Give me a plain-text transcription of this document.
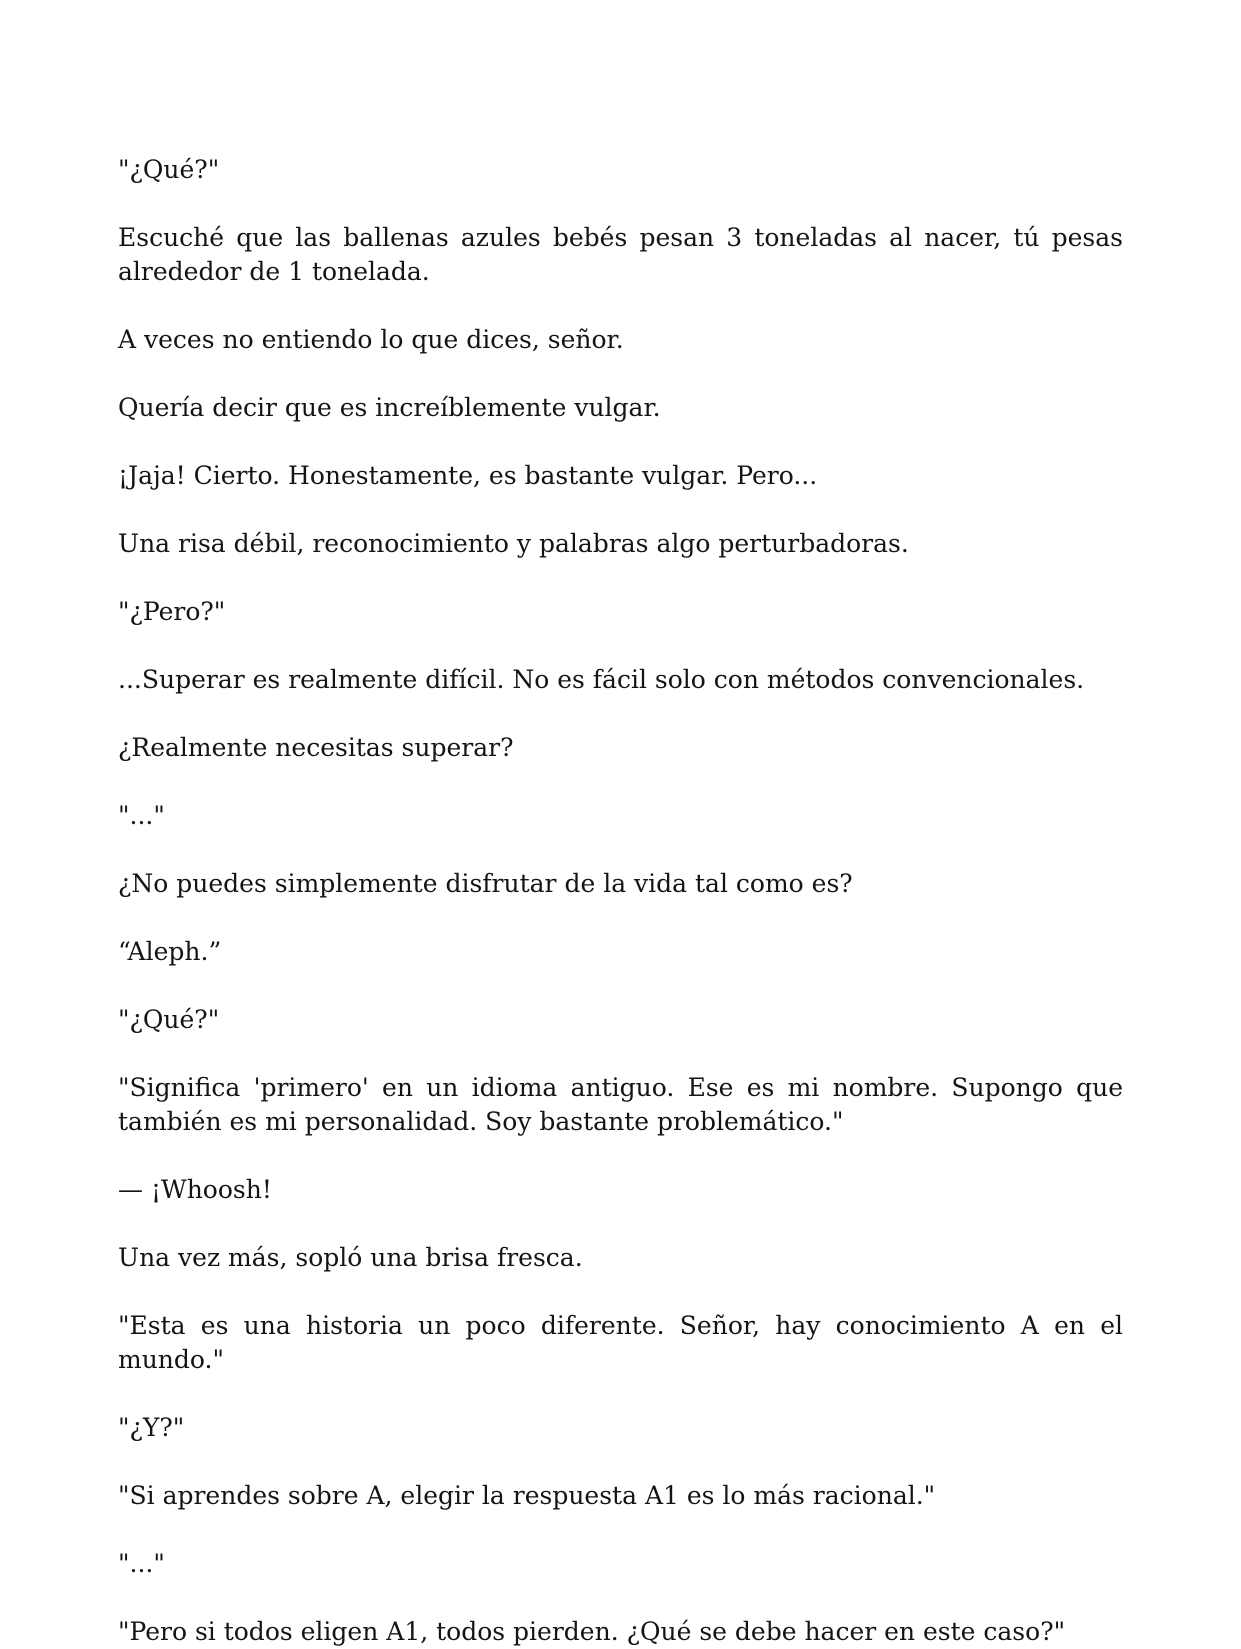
"¿Qué?"

Escuché que las ballenas azules bebés pesan 3 toneladas al nacer, tú pesas alrededor de 1 tonelada.

A veces no entiendo lo que dices, señor.

Quería decir que es increíblemente vulgar.

¡Jaja! Cierto. Honestamente, es bastante vulgar. Pero...

Una risa débil, reconocimiento y palabras algo perturbadoras.

"¿Pero?"

...Superar es realmente difícil. No es fácil solo con métodos convencionales.

¿Realmente necesitas superar?

"..."

¿No puedes simplemente disfrutar de la vida tal como es?

“Aleph.”

"¿Qué?"

"Significa 'primero' en un idioma antiguo. Ese es mi nombre. Supongo que también es mi personalidad. Soy bastante problemático."

— ¡Whoosh!

Una vez más, sopló una brisa fresca.

"Esta es una historia un poco diferente. Señor, hay conocimiento A en el mundo."

"¿Y?"

"Si aprendes sobre A, elegir la respuesta A1 es lo más racional."

"..."

"Pero si todos eligen A1, todos pierden. ¿Qué se debe hacer en este caso?"
